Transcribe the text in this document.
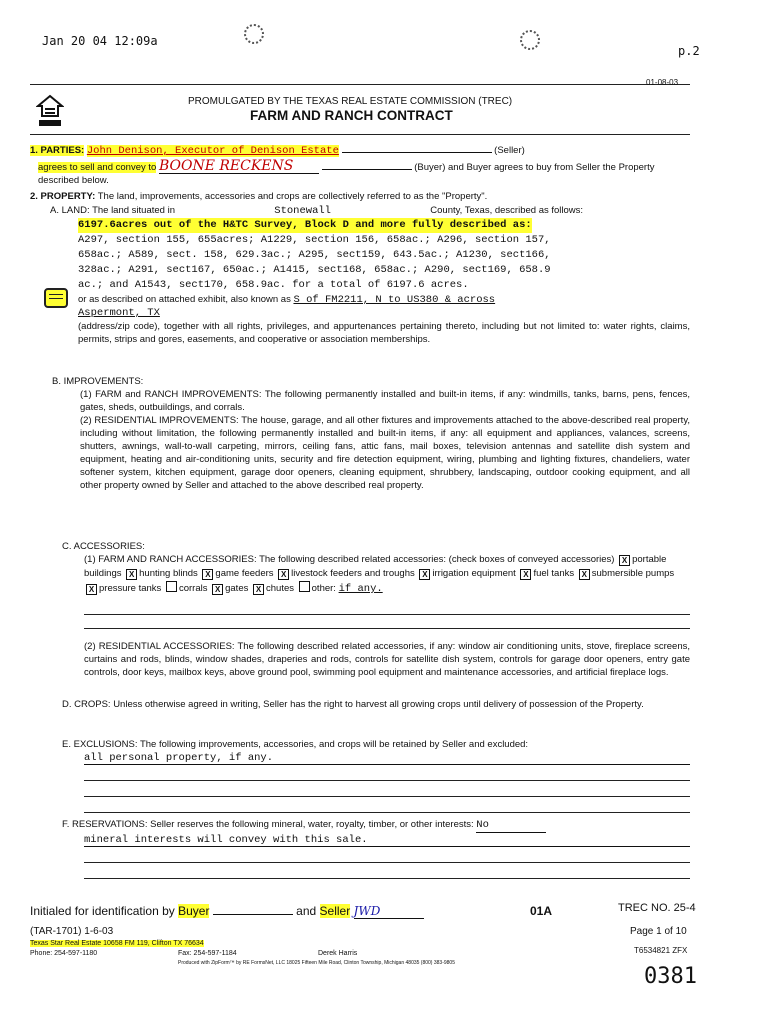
Jan 20 04 12:09a
p.2
01-08-03
PROMULGATED BY THE TEXAS REAL ESTATE COMMISSION (TREC)
FARM AND RANCH CONTRACT
1. PARTIES: John Denison, Executor of Denison Estate	(Seller)
agrees to sell and convey to BOONE RECKENS	(Buyer) and Buyer agrees to buy from Seller the Property described below.
2. PROPERTY: The land, improvements, accessories and crops are collectively referred to as the "Property".
A. LAND: The land situated in	Stonewall	County, Texas, described as follows:
6197.6acres out of the H&TC Survey, Block D and more fully described as:
A297, section 155, 655acres; A1229, section 156, 658ac.; A296, section 157,
658ac.; A589, sect. 158, 629.3ac.; A295, sect159, 643.5ac.; A1230, sect166,
328ac.; A291, sect167, 650ac.; A1415, sect168, 658ac.; A290, sect169, 658.9
ac.; and A1543, sect170, 658.9ac. for a total of 6197.6 acres.
or as described on attached exhibit, also known as S of FM2211, N to US380 & across
Aspermont, TX
(address/zip code), together with all rights, privileges, and appurtenances pertaining thereto, including but not limited to: water rights, claims, permits, strips and gores, easements, and cooperative or association memberships.
B. IMPROVEMENTS:
(1) FARM and RANCH IMPROVEMENTS: The following permanently installed and built-in items, if any: windmills, tanks, barns, pens, fences, gates, sheds, outbuildings, and corrals.
(2) RESIDENTIAL IMPROVEMENTS: The house, garage, and all other fixtures and improvements attached to the above-described real property, including without limitation, the following permanently installed and built-in items, if any: all equipment and appliances, valances, screens, shutters, awnings, wall-to-wall carpeting, mirrors, ceiling fans, attic fans, mail boxes, television antennas and satellite dish system and equipment, heating and air-conditioning units, security and fire detection equipment, wiring, plumbing and lighting fixtures, chandeliers, water softener system, kitchen equipment, garage door openers, cleaning equipment, shrubbery, landscaping, outdoor cooking equipment, and all other property owned by Seller and attached to the above described real property.
C. ACCESSORIES:
(1) FARM AND RANCH ACCESSORIES: The following described related accessories: (check boxes of conveyed accessories) X portable buildings X hunting blinds X game feeders X livestock feeders and troughs X irrigation equipment X fuel tanks X submersible pumps X pressure tanks corrals X gates X chutes other: if any.
(2) RESIDENTIAL ACCESSORIES: The following described related accessories, if any: window air conditioning units, stove, fireplace screens, curtains and rods, blinds, window shades, draperies and rods, controls for satellite dish system, controls for garage door openers, entry gate controls, door keys, mailbox keys, above ground pool, swimming pool equipment and maintenance accessories, and artificial fireplace logs.
D. CROPS: Unless otherwise agreed in writing, Seller has the right to harvest all growing crops until delivery of possession of the Property.
E. EXCLUSIONS: The following improvements, accessories, and crops will be retained by Seller and excluded:
all personal property, if any.
F. RESERVATIONS: Seller reserves the following mineral, water, royalty, timber, or other interests: No
mineral interests will convey with this sale.
Initialed for identification by Buyer	and Seller JWD	01A	TREC NO. 25-4
(TAR-1701) 1-6-03	Page 1 of 10
Texas Star Real Estate 10658 FM 119, Clifton TX 76634
Phone: 254-597-1180	Fax: 254-597-1184	Derek Harris
Produced with ZipForm™ by RE FormsNet, LLC 18025 Fifteen Mile Road, Clinton Township, Michigan 48035 (800) 383-9805
T6534821 ZFX
0381
